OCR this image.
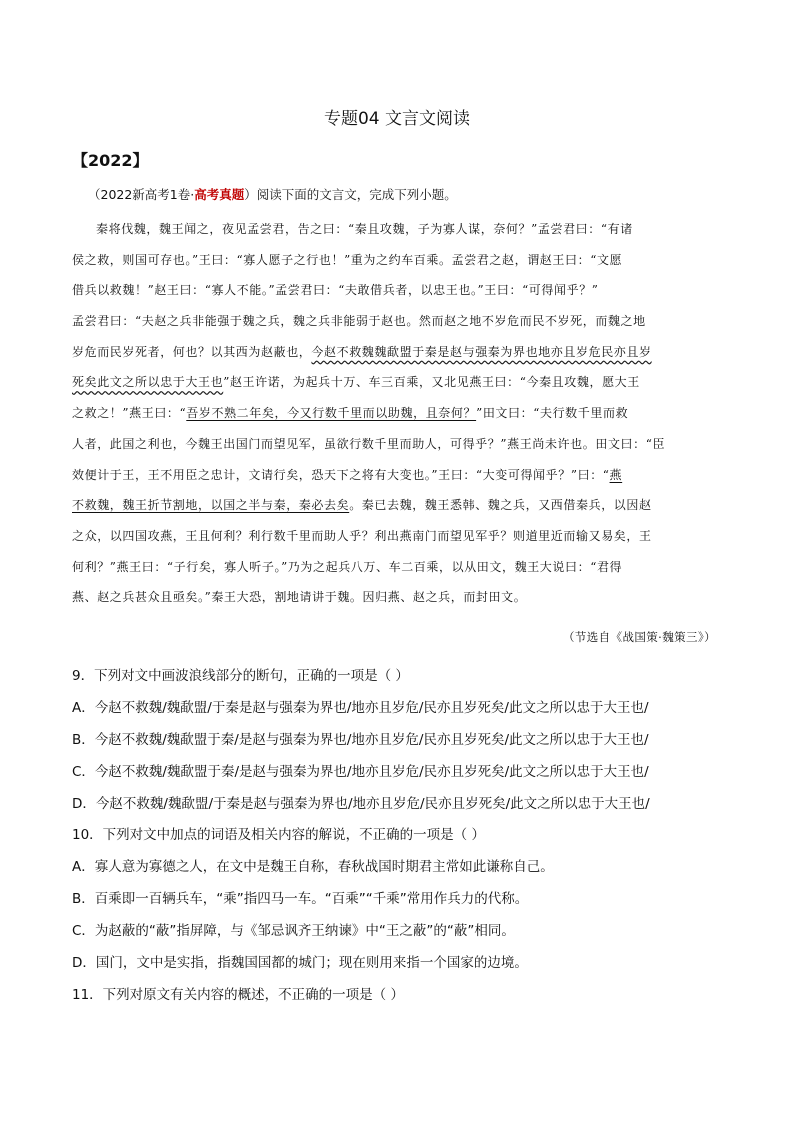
专题04 文言文阅读
【2022】
（2022新高考1卷·高考真题）阅读下面的文言文，完成下列小题。
秦将伐魏，魏王闻之，夜见孟尝君，告之曰：“秦且攻魏，子为寡人谋，奈何？”孟尝君曰：“有诸
侯之救，则国可存也。”王曰：“寡人愿子之行也！”重为之约车百乘。孟尝君之赵，谓赵王曰：“文愿
借兵以救魏！”赵王曰：“寡人不能。”孟尝君曰：“夫敢借兵者，以忠王也。”王曰：“可得闻乎？”
孟尝君曰：“夫赵之兵非能强于魏之兵，魏之兵非能弱于赵也。然而赵之地不岁危而民不岁死，而魏之地
岁危而民岁死者，何也？以其西为赵蔽也，今赵不救魏魏歃盟于秦是赵与强秦为界也地亦且岁危民亦且岁
死矣此文之所以忠于大王也”赵王许诺，为起兵十万、车三百乘，又北见燕王曰：“今秦且攻魏，愿大王
之救之！”燕王曰：“吾岁不熟二年矣，今又行数千里而以助魏，且奈何？”田文曰：“夫行数千里而救
人者，此国之利也，今魏王出国门而望见军，虽欲行数千里而助人，可得乎？”燕王尚未许也。田文曰：“臣
效便计于王，王不用臣之忠计，文请行矣，恐天下之将有大变也。”王曰：“大变可得闻乎？”曰：“燕
不救魏，魏王折节割地，以国之半与秦，秦必去矣。秦已去魏，魏王悉韩、魏之兵，又西借秦兵，以因赵
之众，以四国攻燕，王且何利？利行数千里而助人乎？利出燕南门而望见军乎？则道里近而输又易矣，王
何利？”燕王曰：“子行矣，寡人听子。”乃为之起兵八万、车二百乘，以从田文，魏王大说曰：“君得
燕、赵之兵甚众且亟矣。”秦王大恐，割地请讲于魏。因归燕、赵之兵，而封田文。
（节选自《战国策·魏策三》）
9．下列对文中画波浪线部分的断句，正确的一项是（ ）
A．今赵不救魏/魏歃盟/于秦是赵与强秦为界也/地亦且岁危/民亦且岁死矣/此文之所以忠于大王也/
B．今赵不救魏/魏歃盟于秦/是赵与强秦为界也/地亦且岁危/民亦且岁死矣/此文之所以忠于大王也/
C．今赵不救魏/魏歃盟于秦/是赵与强秦为界也/地亦且岁危/民亦且岁死矣/此文之所以忠于大王也/
D．今赵不救魏/魏歃盟/于秦是赵与强秦为界也/地亦且岁危/民亦且岁死矣/此文之所以忠于大王也/
10．下列对文中加点的词语及相关内容的解说，不正确的一项是（ ）
A．寡人意为寡德之人，在文中是魏王自称，春秋战国时期君主常如此谦称自己。
B．百乘即一百辆兵车，“乘”指四马一车。“百乘”“千乘”常用作兵力的代称。
C．为赵蔽的“蔽”指屏障，与《邹忌讽齐王纳谏》中“王之蔽”的“蔽”相同。
D．国门，文中是实指，指魏国国都的城门；现在则用来指一个国家的边境。
11．下列对原文有关内容的概述，不正确的一项是（ ）
